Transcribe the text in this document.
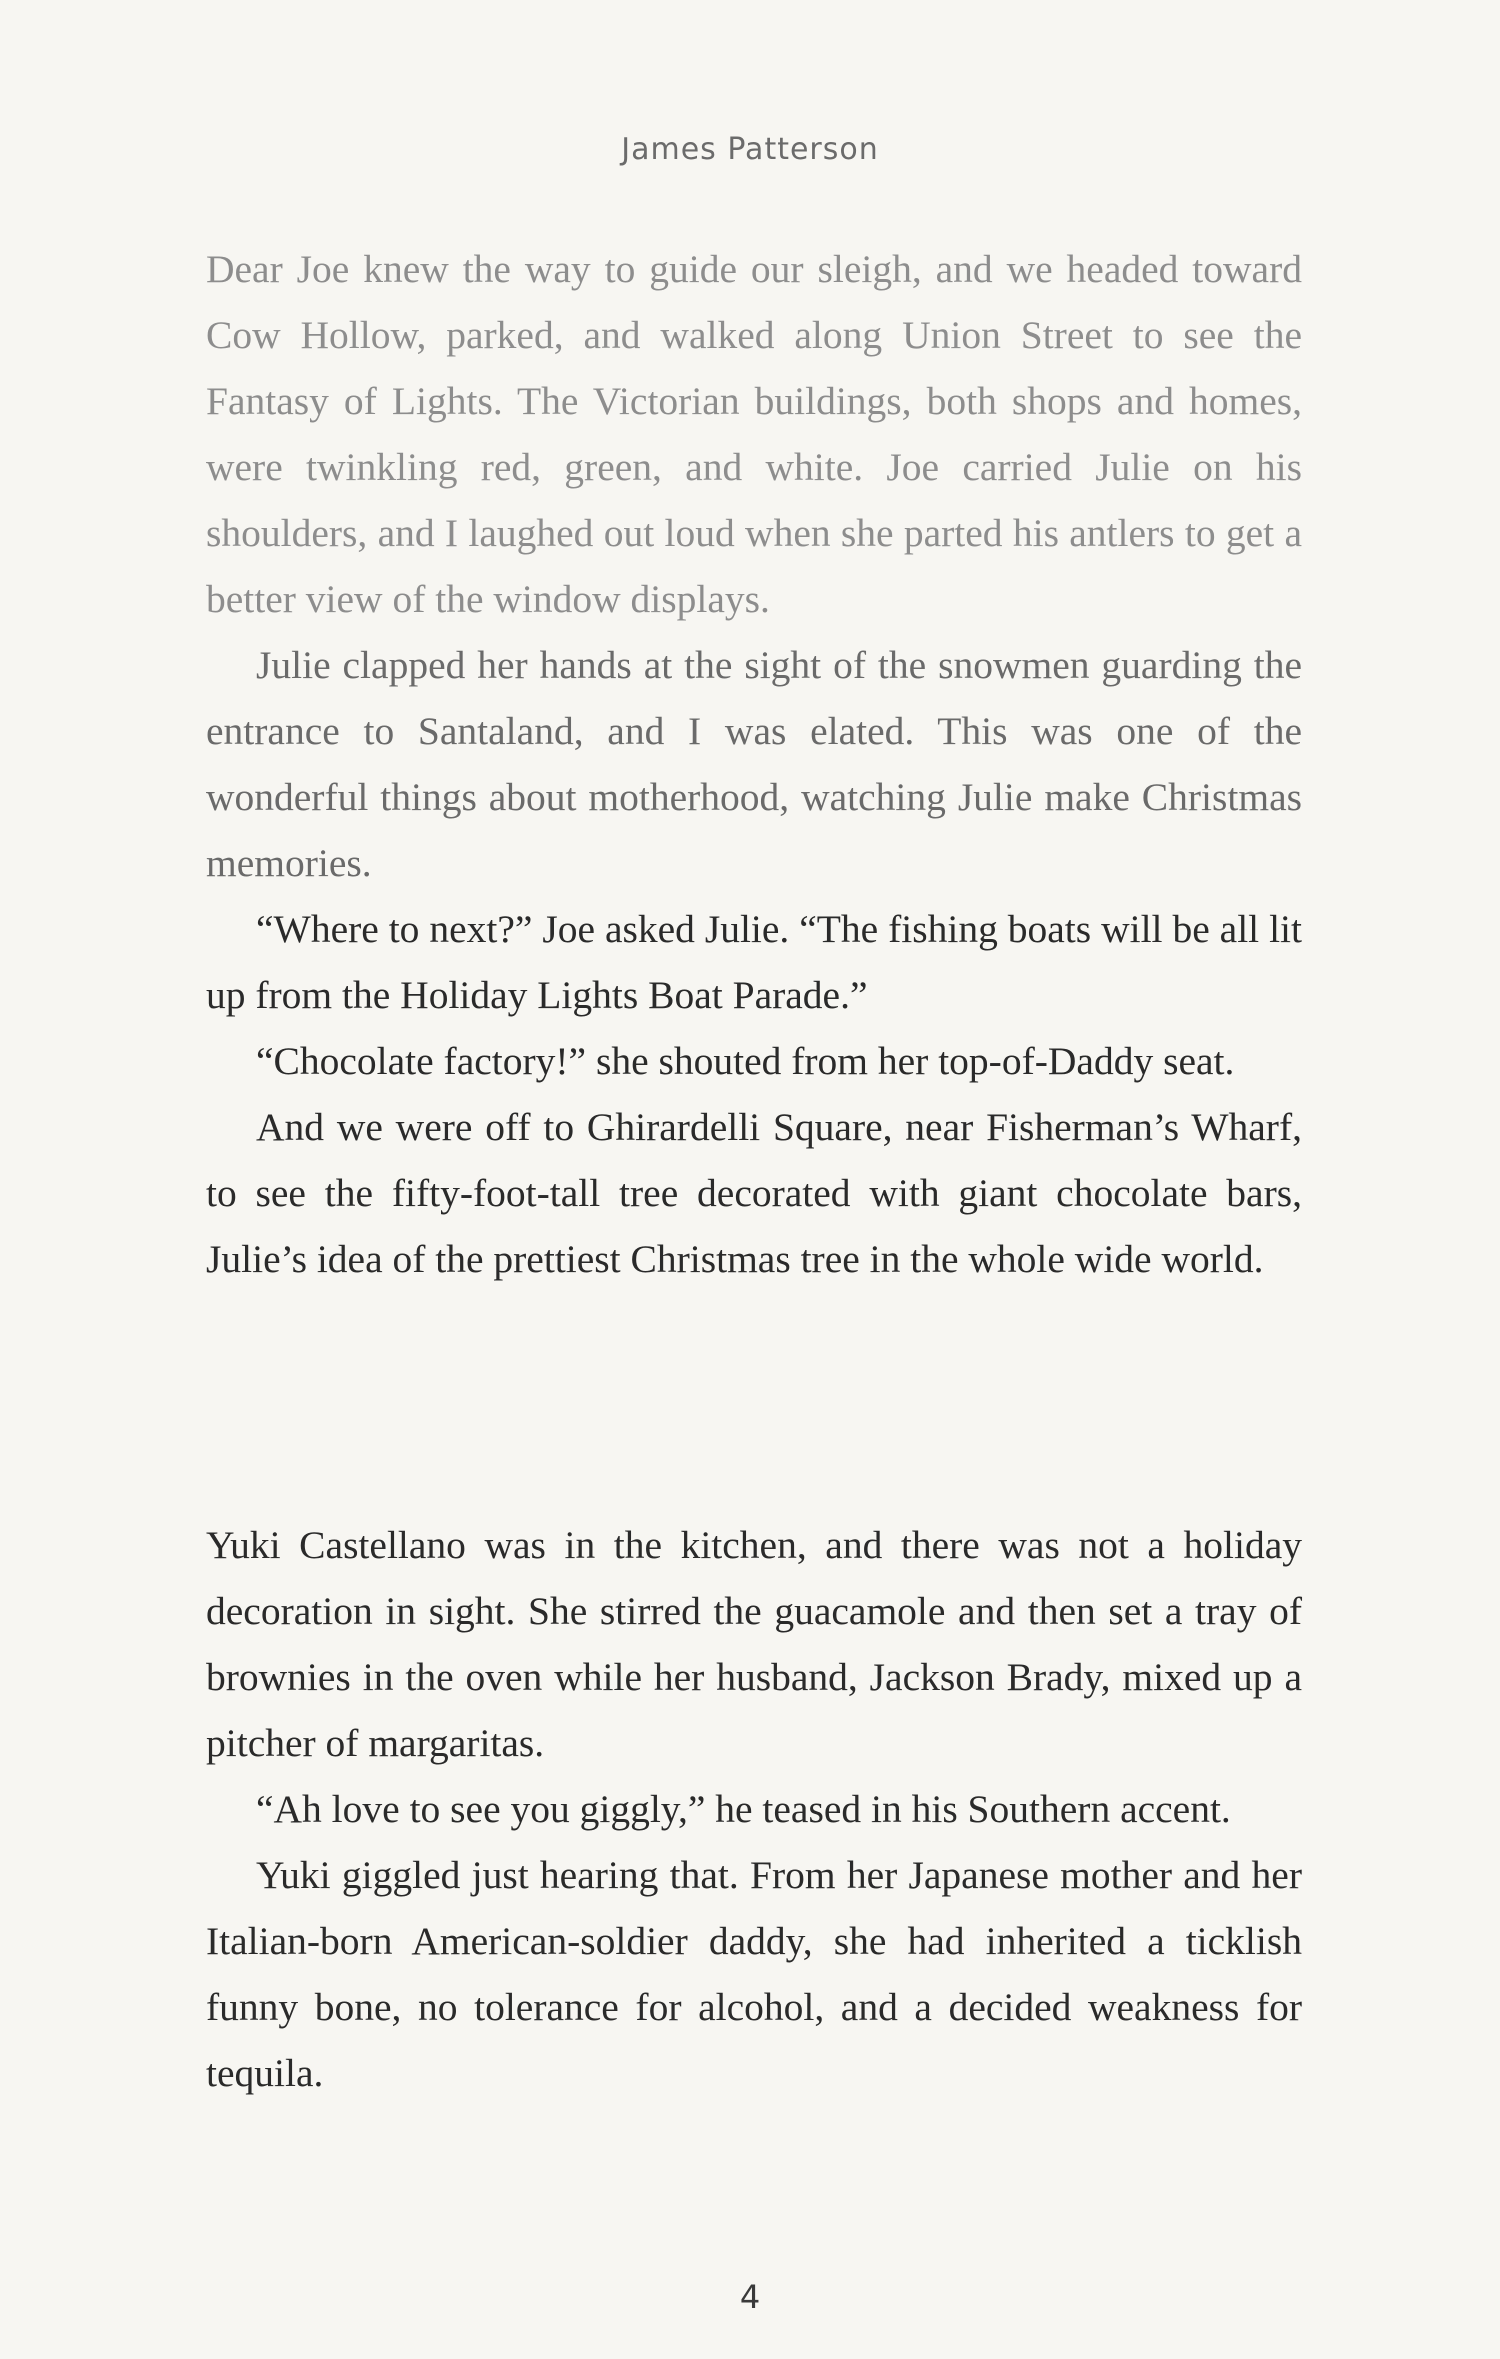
James Patterson

Dear Joe knew the way to guide our sleigh, and we headed toward Cow Hollow, parked, and walked along Union Street to see the Fantasy of Lights. The Victorian buildings, both shops and homes, were twinkling red, green, and white. Joe carried Julie on his shoulders, and I laughed out loud when she parted his antlers to get a better view of the window displays.

Julie clapped her hands at the sight of the snowmen guarding the entrance to Santaland, and I was elated. This was one of the wonderful things about motherhood, watching Julie make Christmas memories.

“Where to next?” Joe asked Julie. “The fishing boats will be all lit up from the Holiday Lights Boat Parade.”

“Chocolate factory!” she shouted from her top-of-Daddy seat.

And we were off to Ghirardelli Square, near Fisherman’s Wharf, to see the fifty-foot-tall tree decorated with giant chocolate bars, Julie’s idea of the prettiest Christmas tree in the whole wide world.

Yuki Castellano was in the kitchen, and there was not a holiday decoration in sight. She stirred the guacamole and then set a tray of brownies in the oven while her husband, Jackson Brady, mixed up a pitcher of margaritas.

“Ah love to see you giggly,” he teased in his Southern accent.

Yuki giggled just hearing that. From her Japanese mother and her Italian-born American-soldier daddy, she had inherited a ticklish funny bone, no tolerance for alcohol, and a decided weakness for tequila.

4
